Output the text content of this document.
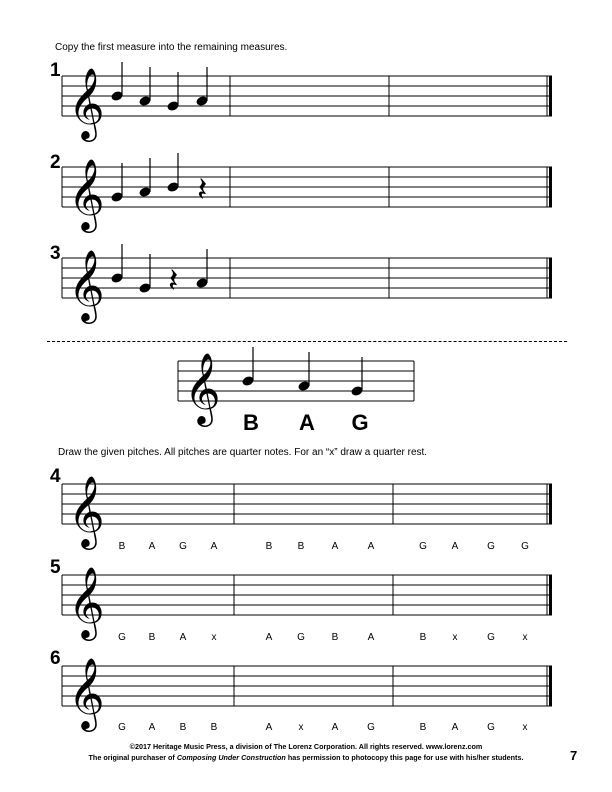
Copy the first measure into the remaining measures.
1
2
3
𝄞
𝄞
𝄞
𝄞
𝄞
𝄞
𝄞
𝄽
𝄽
B	A	G
Draw the given pitches. All pitches are quarter notes. For an “x” draw a quarter rest.
4
5
6
B	A	G	A	B	B	A	A	G	A	G	G
G	B	A	x	A	G	B	A	B	x	G	x
G	A	B	B	A	x	A	G	B	A	G	x
©2017 Heritage Music Press, a division of The Lorenz Corporation. All rights reserved. www.lorenz.com
The original purchaser of Composing Under Construction has permission to photocopy this page for use with his/her students.	7
